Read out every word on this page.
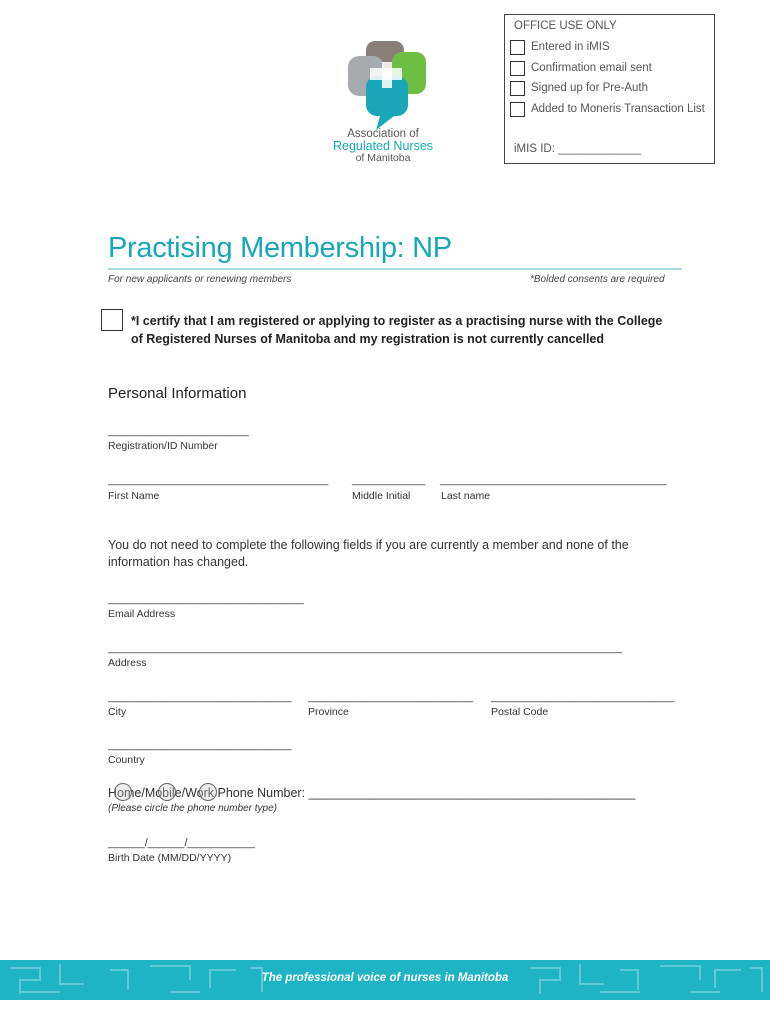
Association of
Regulated Nurses
of Manitoba
OFFICE USE ONLY
Entered in iMIS
Confirmation email sent
Signed up for Pre-Auth
Added to Moneris Transaction List
iMIS ID: _____________
Practising Membership: NP
For new applicants or renewing members	*Bolded consents are required
*I certify that I am registered or applying to register as a practising nurse with the College of Registered Nurses of Manitoba and my registration is not currently cancelled
Personal Information
_______________________
Registration/ID Number
____________________________________
First Name
____________
Middle Initial
_____________________________________
Last name
You do not need to complete the following fields if you are currently a member and none of the information has changed.
________________________________
Email Address
____________________________________________________________________________________
Address
______________________________
City
___________________________
Province
______________________________
Postal Code
______________________________
Country
Home/Mobile/Work Phone Number: _______________________________________________
(Please circle the phone number type)
______/______/___________
Birth Date (MM/DD/YYYY)
The professional voice of nurses in Manitoba
